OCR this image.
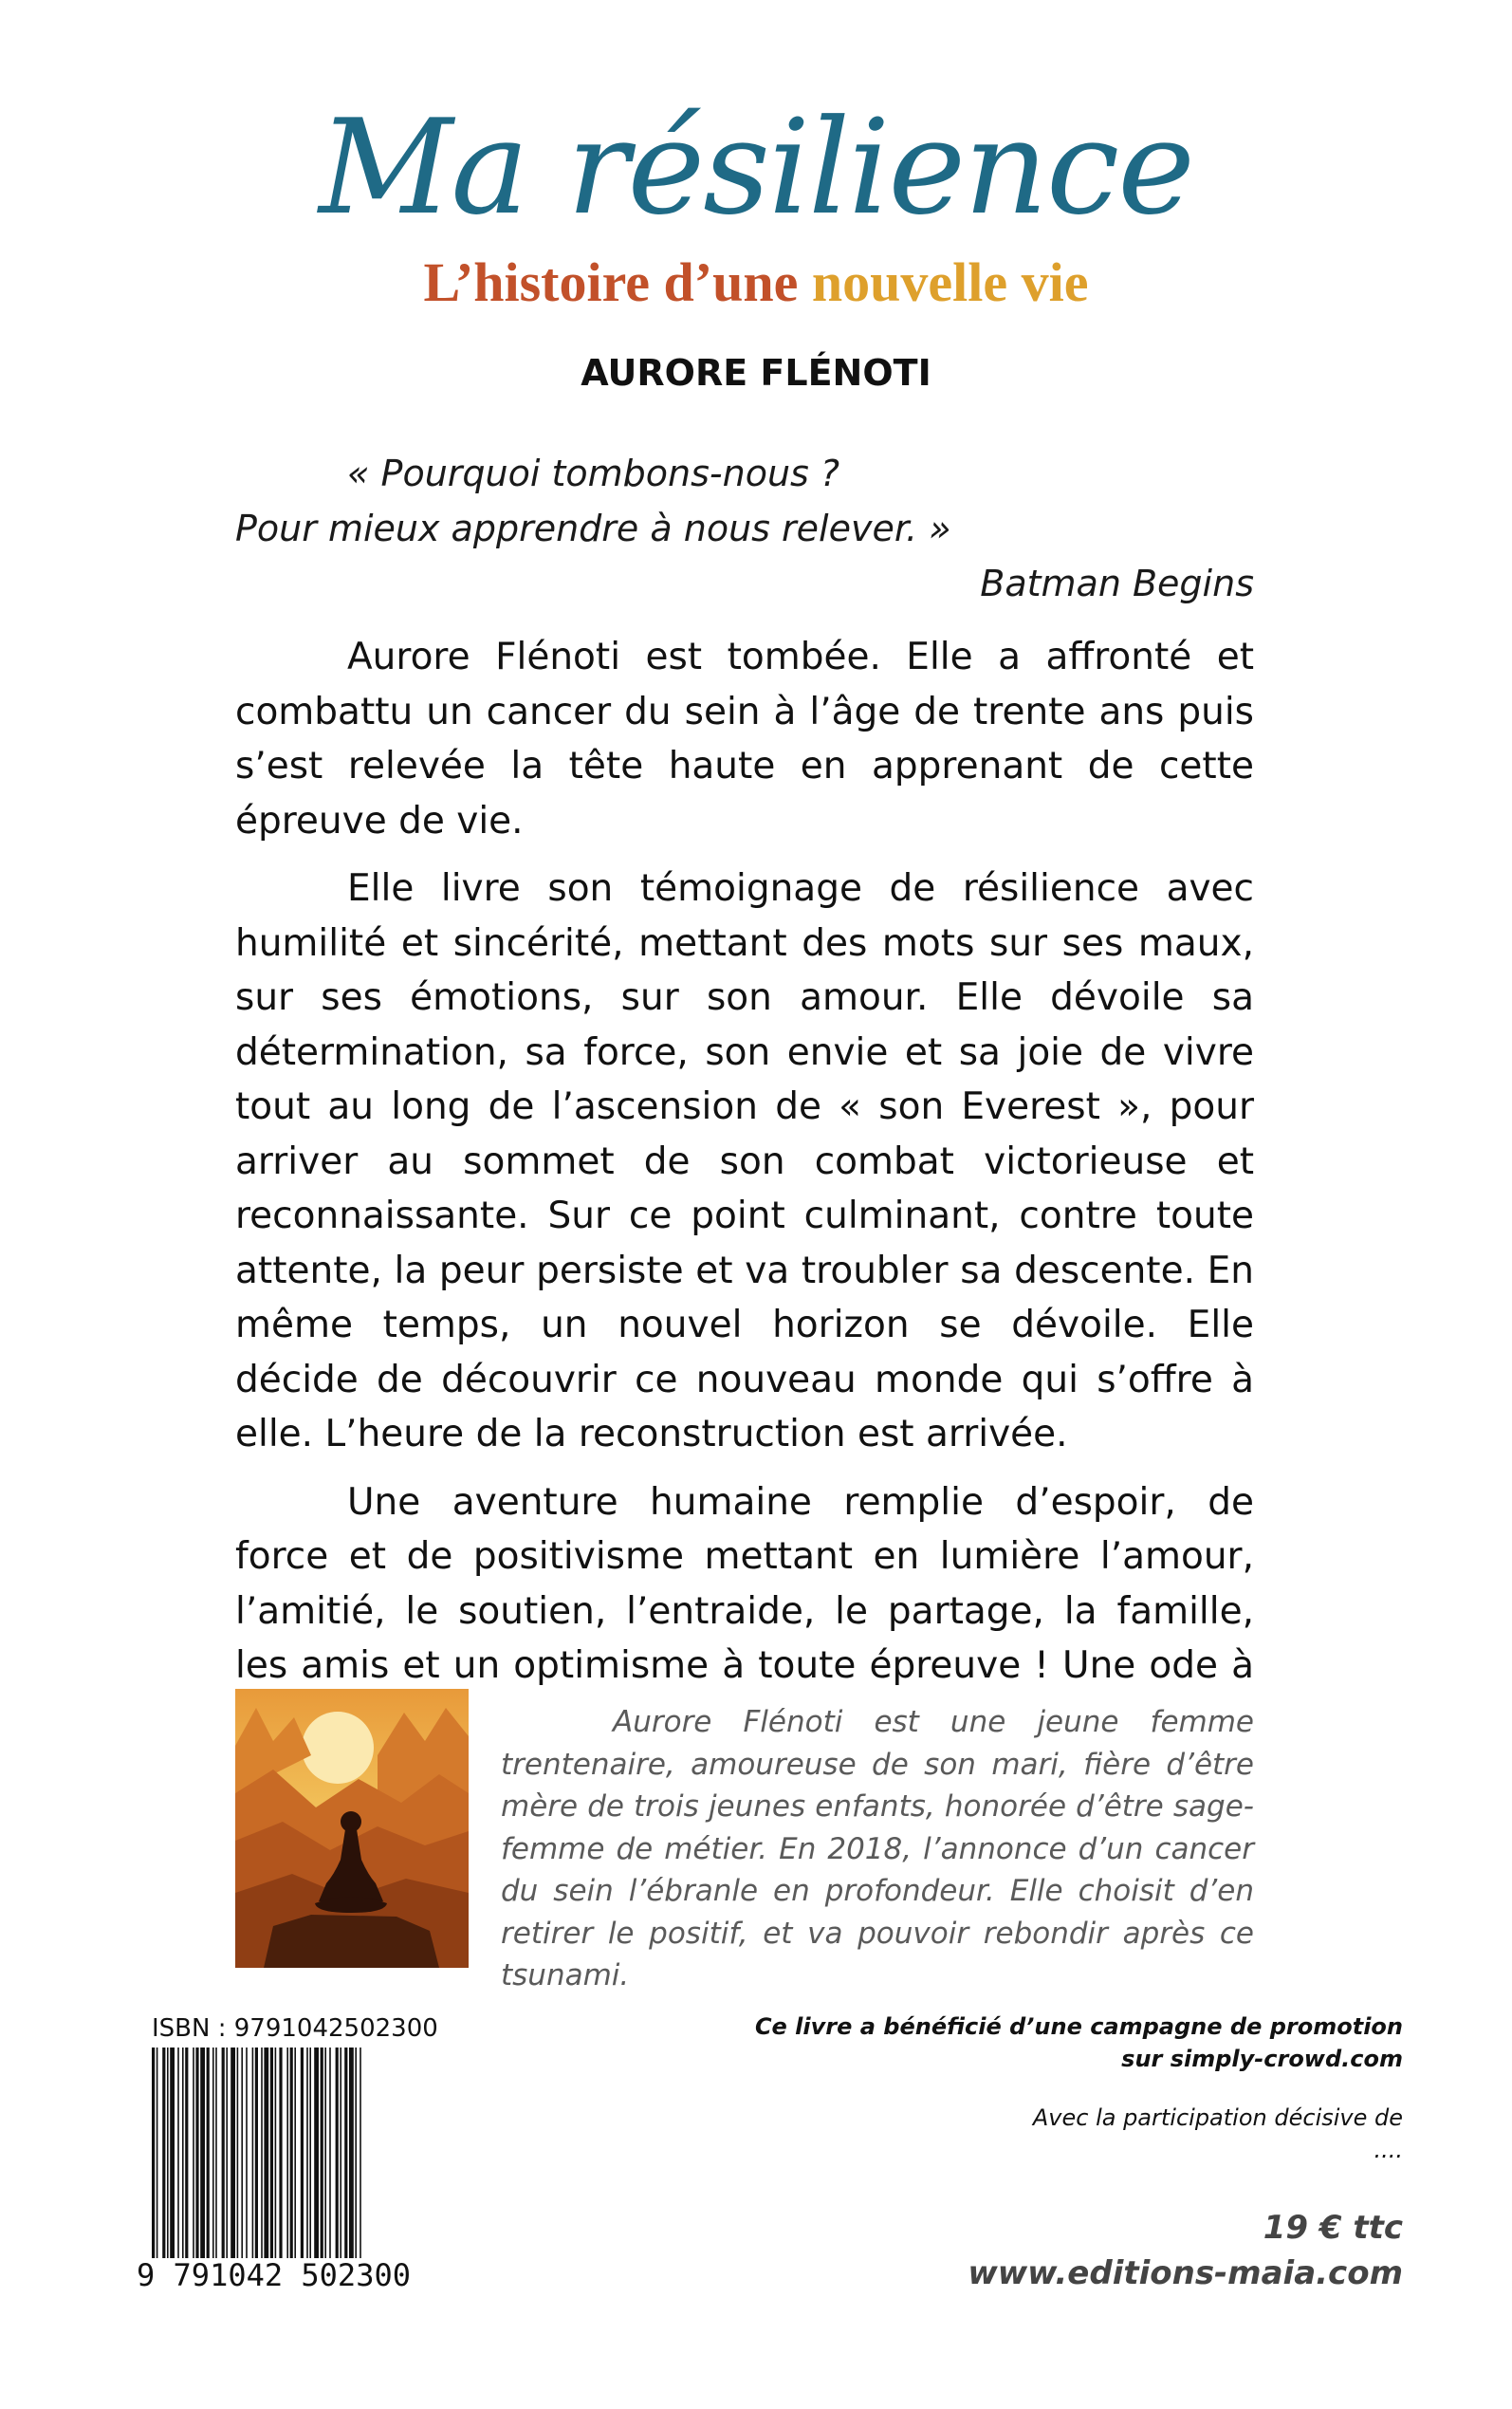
Ma résilience
L’histoire d’une nouvelle vie
AURORE FLÉNOTI
« Pourquoi tombons-nous ?
Pour mieux apprendre à nous relever. »
Batman Begins

Aurore Flénoti est tombée. Elle a affronté et combattu un cancer du sein à l’âge de trente ans puis s’est relevée la tête haute en apprenant de cette épreuve de vie.

Elle livre son témoignage de résilience avec humilité et sincérité, mettant des mots sur ses maux, sur ses émotions, sur son amour. Elle dévoile sa détermination, sa force, son envie et sa joie de vivre tout au long de l’ascension de « son Everest », pour arriver au sommet de son combat victorieuse et reconnaissante. Sur ce point culminant, contre toute attente, la peur persiste et va troubler sa descente. En même temps, un nouvel horizon se dévoile. Elle décide de découvrir ce nouveau monde qui s’offre à elle. L’heure de la reconstruction est arrivée.

Une aventure humaine remplie d’espoir, de force et de positivisme mettant en lumière l’amour, l’amitié, le soutien, l’entraide, le partage, la famille, les amis et un optimisme à toute épreuve ! Une ode à

Aurore Flénoti est une jeune femme trentenaire, amoureuse de son mari, fière d’être mère de trois jeunes enfants, honorée d’être sage-femme de métier. En 2018, l’annonce d’un cancer du sein l’ébranle en profondeur. Elle choisit d’en retirer le positif, et va pouvoir rebondir après ce tsunami.

ISBN : 9791042502300
9 791042 502300
Ce livre a bénéficié d’une campagne de promotion
sur simply-crowd.com
Avec la participation décisive de
....
19 € ttc
www.editions-maia.com
